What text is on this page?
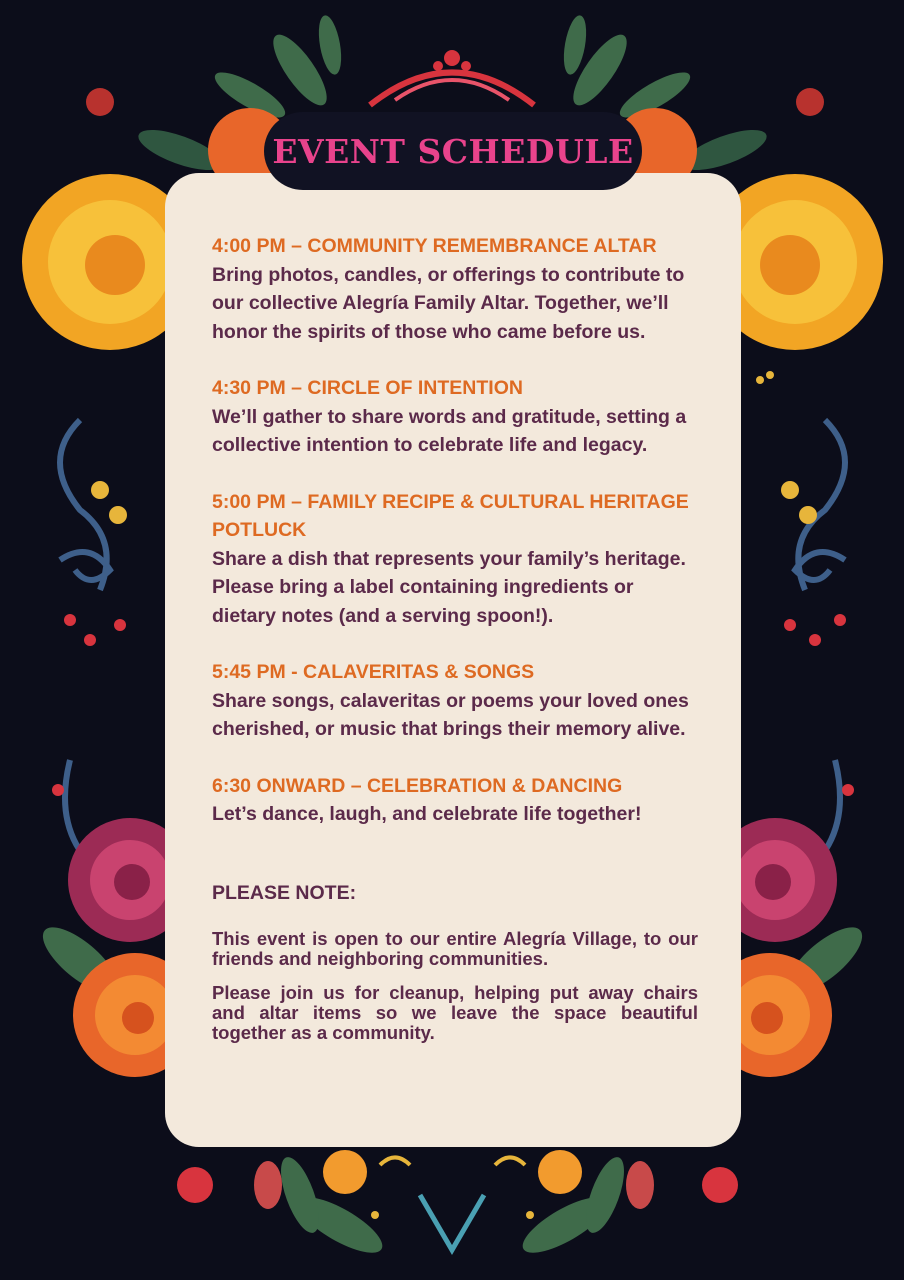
EVENT SCHEDULE
4:00 PM – COMMUNITY REMEMBRANCE ALTAR
Bring photos, candles, or offerings to contribute to our collective Alegría Family Altar. Together, we’ll honor the spirits of those who came before us.
4:30 PM – CIRCLE OF INTENTION
We’ll gather to share words and gratitude, setting a collective intention to celebrate life and legacy.
5:00 PM – FAMILY RECIPE & CULTURAL HERITAGE POTLUCK
Share a dish that represents your family’s heritage. Please bring a label containing ingredients or dietary notes (and a serving spoon!).
5:45 PM - CALAVERITAS & SONGS
Share songs, calaveritas or poems your loved ones cherished, or music that brings their memory alive.
6:30 ONWARD – CELEBRATION & DANCING
Let’s dance, laugh, and celebrate life together!
PLEASE NOTE:
This event is open to our entire Alegría Village, to our friends and neighboring communities.
Please join us for cleanup, helping put away chairs and altar items so we leave the space beautiful together as a community.
